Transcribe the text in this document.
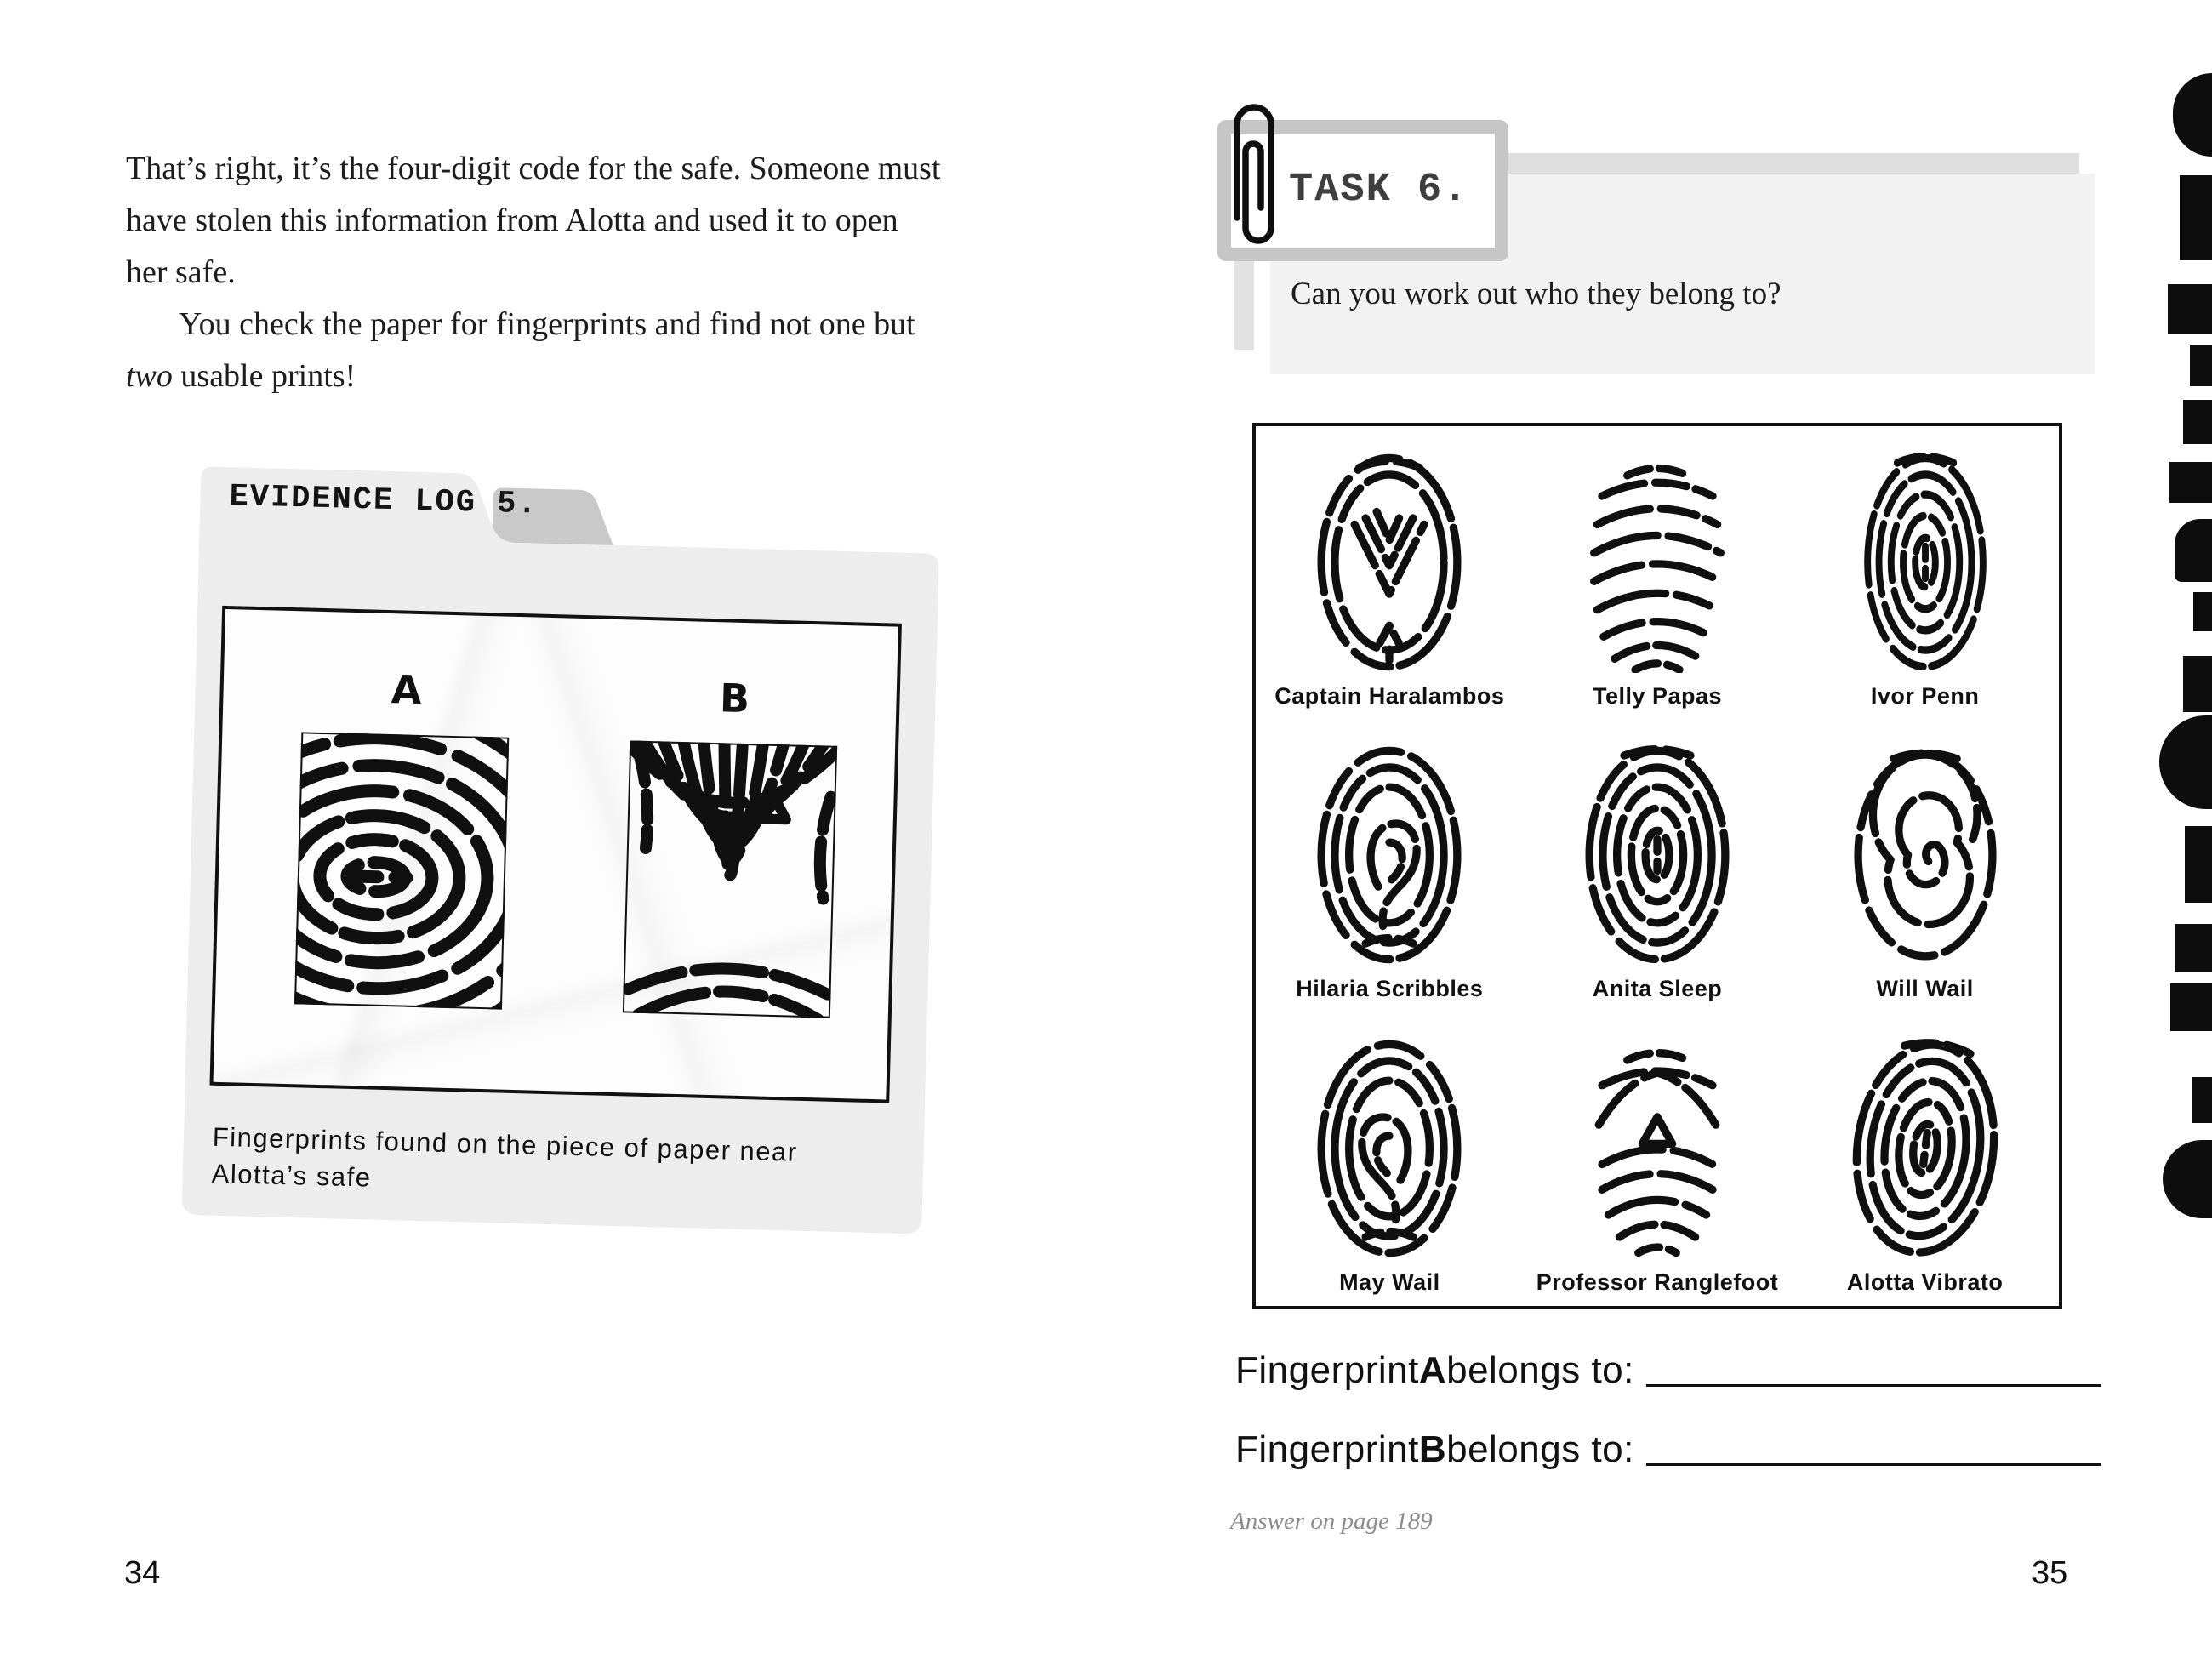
That’s right, it’s the four-digit code for the safe. Someone must
have stolen this information from Alotta and used it to open
her safe.
You check the paper for fingerprints and find not one but
two usable prints!
EVIDENCE LOG 5.
A	B
Fingerprints found on the piece of paper near
Alotta’s safe
34
Can you work out who they belong to?
TASK 6.
Captain Haralambos	Telly Papas	Ivor Penn
Hilaria Scribbles	Anita Sleep	Will Wail
May Wail	Professor Ranglefoot	Alotta Vibrato
Fingerprint A belongs to:
Fingerprint B belongs to:
Answer on page 189
35
